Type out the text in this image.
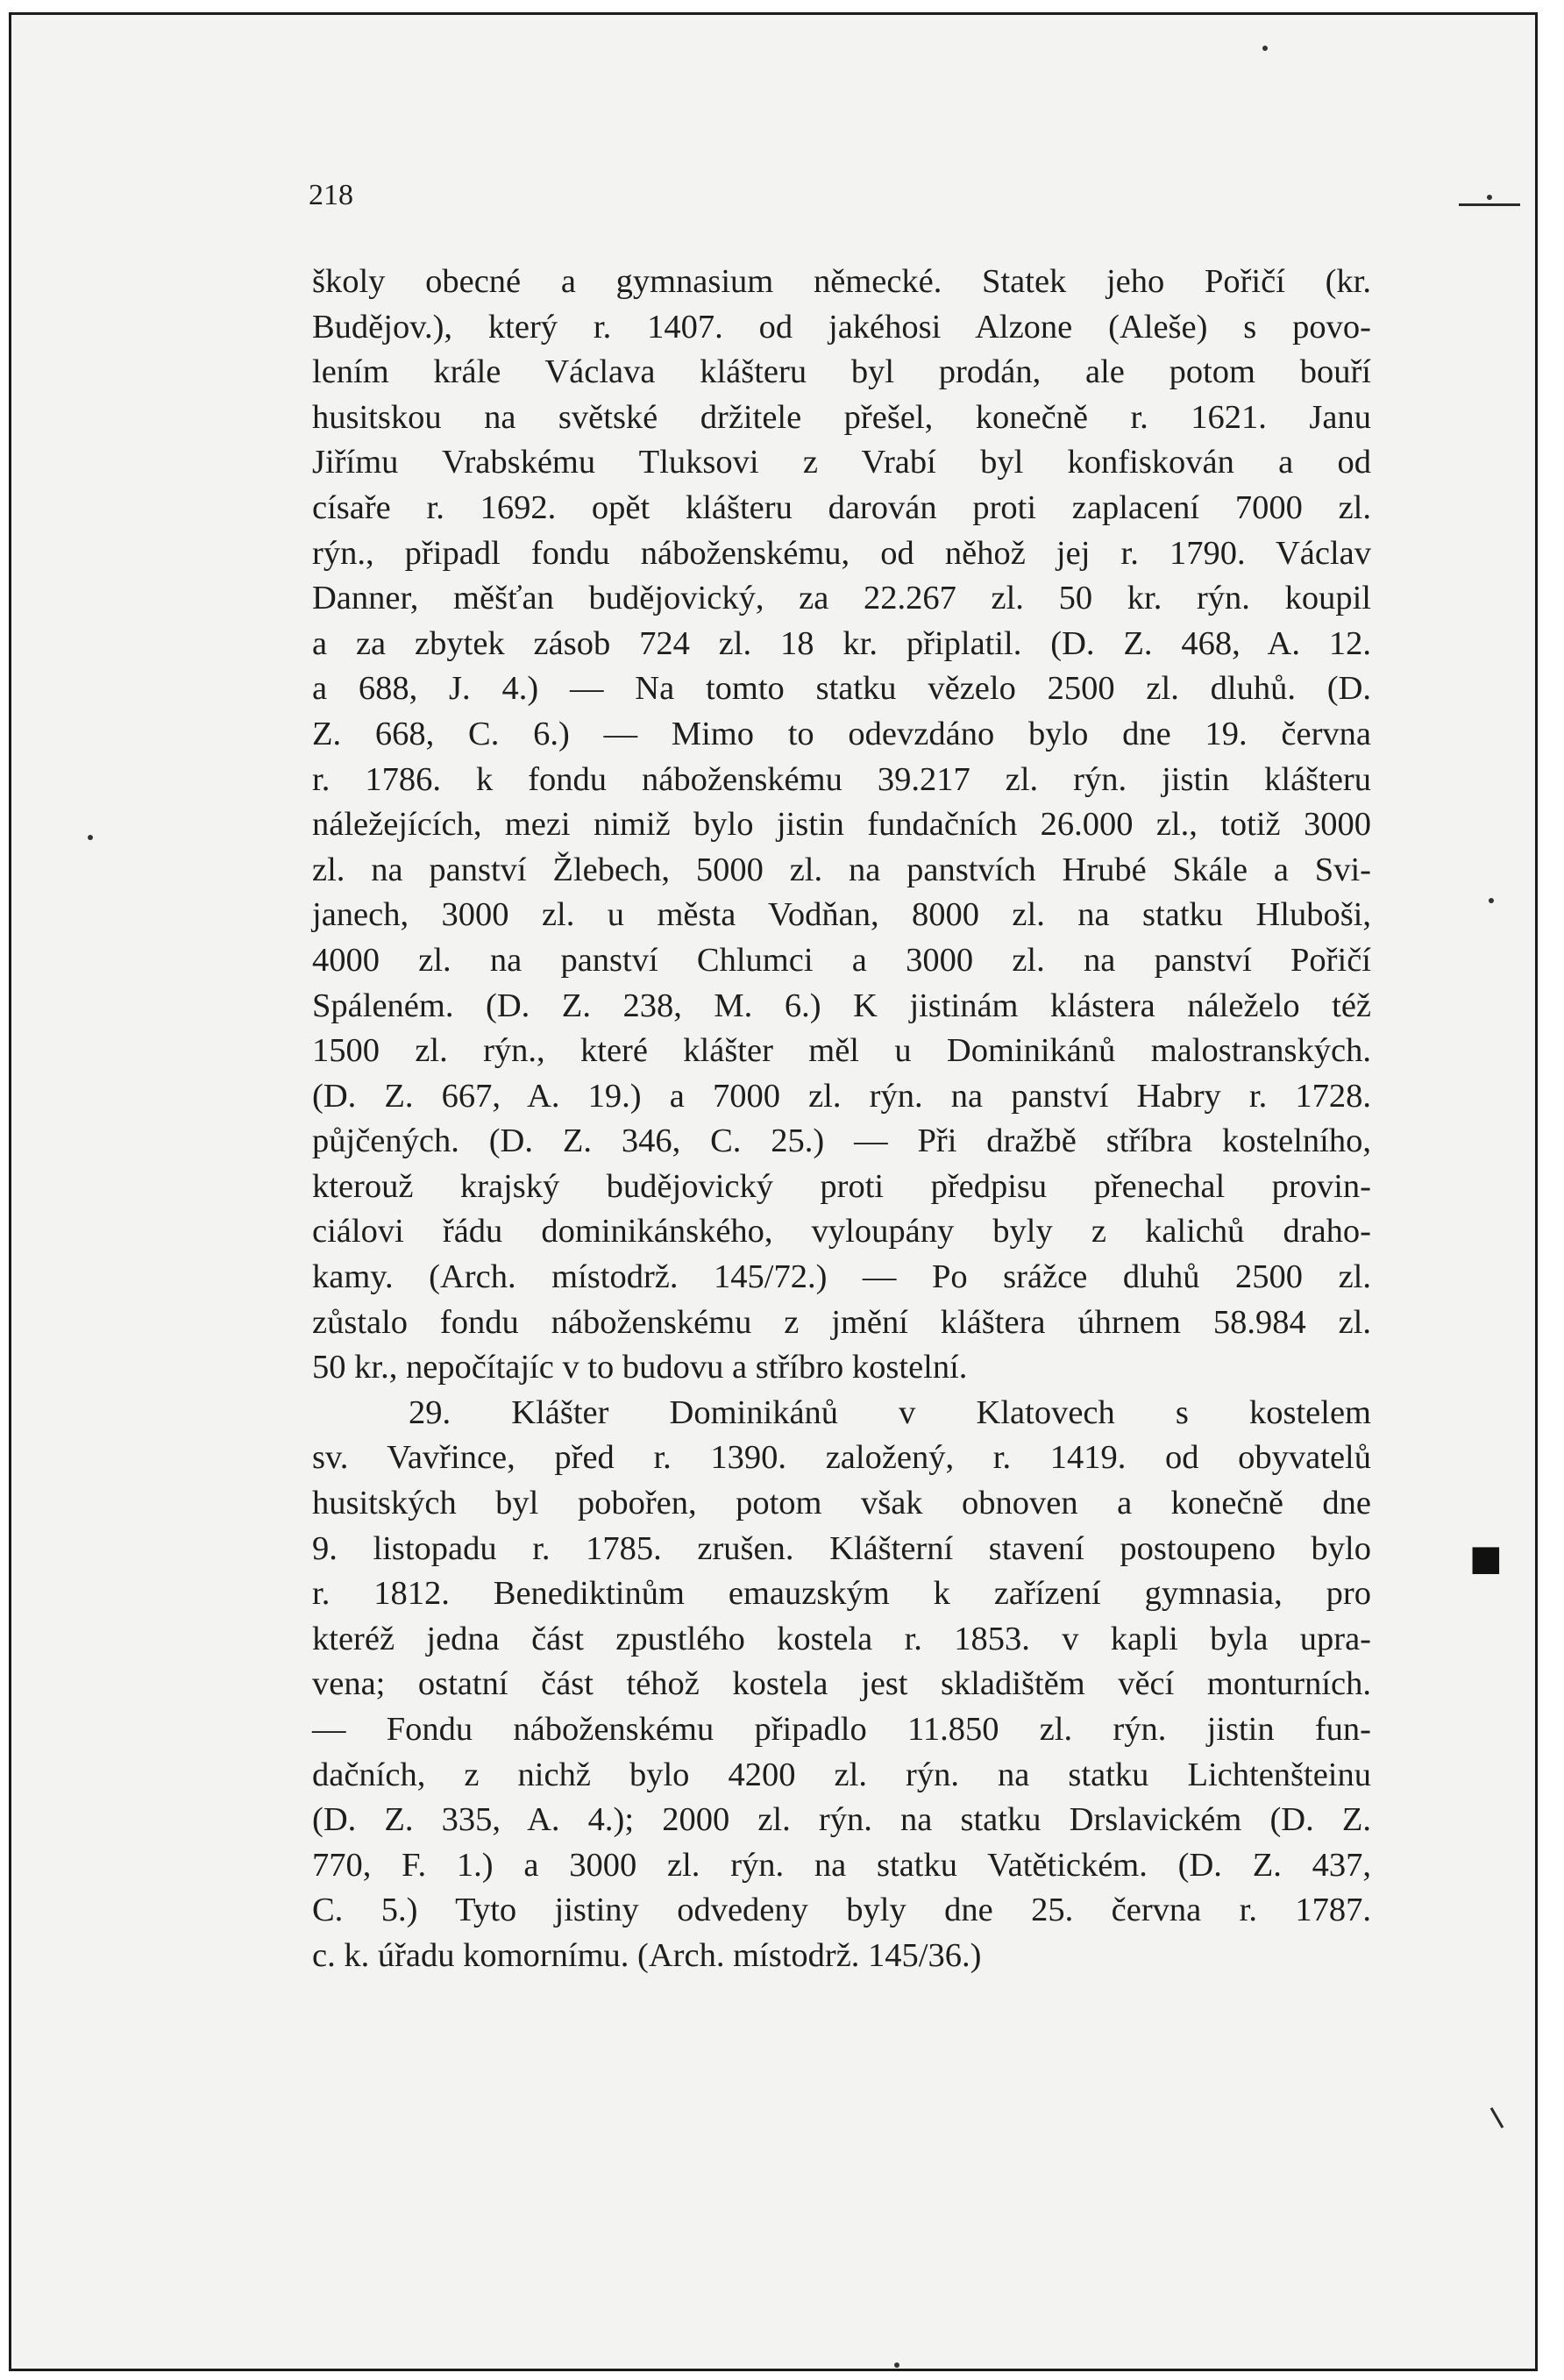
218
školy obecné a gymnasium německé. Statek jeho Pořičí (kr.
Budějov.), který r. 1407. od jakéhosi Alzone (Aleše) s povo-
lením krále Václava klášteru byl prodán, ale potom bouří
husitskou na světské držitele přešel, konečně r. 1621. Janu
Jiřímu Vrabskému Tluksovi z Vrabí byl konfiskován a od
císaře r. 1692. opět klášteru darován proti zaplacení 7000 zl.
rýn., připadl fondu náboženskému, od něhož jej r. 1790. Václav
Danner, měšťan budějovický, za 22.267 zl. 50 kr. rýn. koupil
a za zbytek zásob 724 zl. 18 kr. připlatil. (D. Z. 468, A. 12.
a 688, J. 4.) — Na tomto statku vězelo 2500 zl. dluhů. (D.
Z. 668, C. 6.) — Mimo to odevzdáno bylo dne 19. června
r. 1786. k fondu náboženskému 39.217 zl. rýn. jistin klášteru
náležejících, mezi nimiž bylo jistin fundačních 26.000 zl., totiž 3000
zl. na panství Žlebech, 5000 zl. na panstvích Hrubé Skále a Svi-
janech, 3000 zl. u města Vodňan, 8000 zl. na statku Hluboši,
4000 zl. na panství Chlumci a 3000 zl. na panství Pořičí
Spáleném. (D. Z. 238, M. 6.) K jistinám klástera náleželo též
1500 zl. rýn., které klášter měl u Dominikánů malostranských.
(D. Z. 667, A. 19.) a 7000 zl. rýn. na panství Habry r. 1728.
půjčených. (D. Z. 346, C. 25.) — Při dražbě stříbra kostelního,
kterouž krajský budějovický proti předpisu přenechal provin-
ciálovi řádu dominikánského, vyloupány byly z kalichů draho-
kamy. (Arch. místodrž. 145/72.) — Po srážce dluhů 2500 zl.
zůstalo fondu náboženskému z jmění kláštera úhrnem 58.984 zl.
50 kr., nepočítajíc v to budovu a stříbro kostelní.
29. Klášter Dominikánů v Klatovech s kostelem
sv. Vavřince, před r. 1390. založený, r. 1419. od obyvatelů
husitských byl pobořen, potom však obnoven a konečně dne
9. listopadu r. 1785. zrušen. Klášterní stavení postoupeno bylo
r. 1812. Benediktinům emauzským k zařízení gymnasia, pro
kteréž jedna část zpustlého kostela r. 1853. v kapli byla upra-
vena; ostatní část téhož kostela jest skladištěm věcí monturních.
— Fondu náboženskému připadlo 11.850 zl. rýn. jistin fun-
dačních, z nichž bylo 4200 zl. rýn. na statku Lichtenšteinu
(D. Z. 335, A. 4.); 2000 zl. rýn. na statku Drslavickém (D. Z.
770, F. 1.) a 3000 zl. rýn. na statku Vatětickém. (D. Z. 437,
C. 5.) Tyto jistiny odvedeny byly dne 25. června r. 1787.
c. k. úřadu komornímu. (Arch. místodrž. 145/36.)
■
